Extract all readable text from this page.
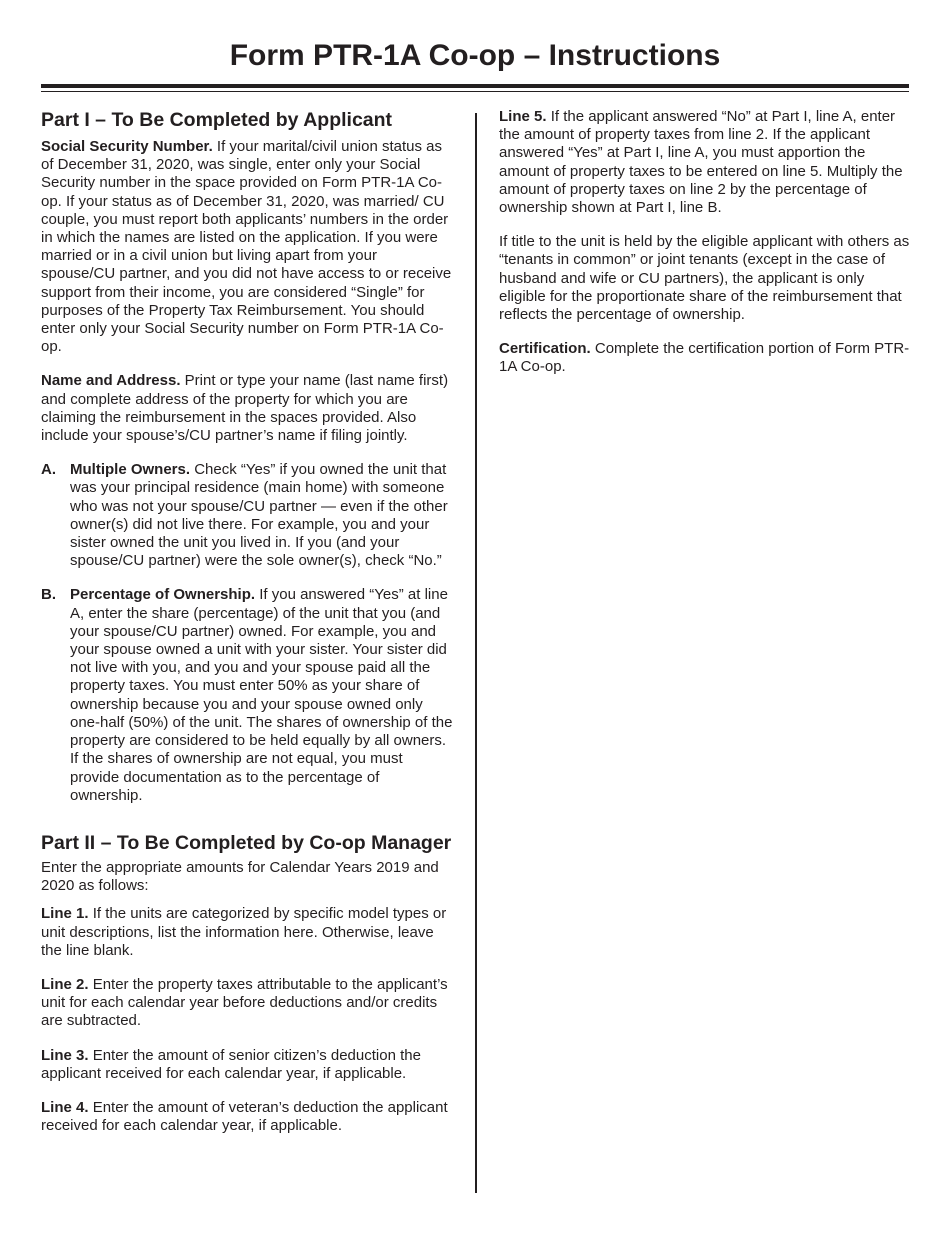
Form PTR-1A Co-op – Instructions
Part I – To Be Completed by Applicant

Social Security Number. If your marital/civil union status as of December 31, 2020, was single, enter only your Social Security number in the space provided on Form PTR-1A Co-op. If your status as of December 31, 2020, was married/ CU couple, you must report both applicants’ numbers in the order in which the names are listed on the application. If you were married or in a civil union but living apart from your spouse/CU partner, and you did not have access to or receive support from their income, you are considered “Single” for purposes of the Property Tax Reimbursement. You should enter only your Social Security number on Form PTR-1A Co-op.

Name and Address. Print or type your name (last name first) and complete address of the property for which you are claiming the reimbursement in the spaces provided. Also include your spouse’s/CU partner’s name if filing jointly.

A. Multiple Owners. Check “Yes” if you owned the unit that was your principal residence (main home) with someone who was not your spouse/CU partner — even if the other owner(s) did not live there. For example, you and your sister owned the unit you lived in. If you (and your spouse/CU partner) were the sole owner(s), check “No.”
B. Percentage of Ownership. If you answered “Yes” at line A, enter the share (percentage) of the unit that you (and your spouse/CU partner) owned. For example, you and your spouse owned a unit with your sister. Your sister did not live with you, and you and your spouse paid all the property taxes. You must enter 50% as your share of ownership because you and your spouse owned only one-half (50%) of the unit. The shares of ownership of the property are considered to be held equally by all owners. If the shares of ownership are not equal, you must provide documentation as to the percentage of ownership.
Part II – To Be Completed by Co-op Manager

Enter the appropriate amounts for Calendar Years 2019 and 2020 as follows:

Line 1. If the units are categorized by specific model types or unit descriptions, list the information here. Otherwise, leave the line blank.

Line 2. Enter the property taxes attributable to the applicant’s unit for each calendar year before deductions and/or credits are subtracted.

Line 3. Enter the amount of senior citizen’s deduction the applicant received for each calendar year, if applicable.

Line 4. Enter the amount of veteran’s deduction the applicant received for each calendar year, if applicable.

Line 5. If the applicant answered “No” at Part I, line A, enter the amount of property taxes from line 2. If the applicant answered “Yes” at Part I, line A, you must apportion the amount of property taxes to be entered on line 5. Multiply the amount of property taxes on line 2 by the percentage of ownership shown at Part I, line B.

If title to the unit is held by the eligible applicant with others as “tenants in common” or joint tenants (except in the case of husband and wife or CU partners), the applicant is only eligible for the proportionate share of the reimbursement that reflects the percentage of ownership.

Certification. Complete the certification portion of Form PTR-1A Co-op.
